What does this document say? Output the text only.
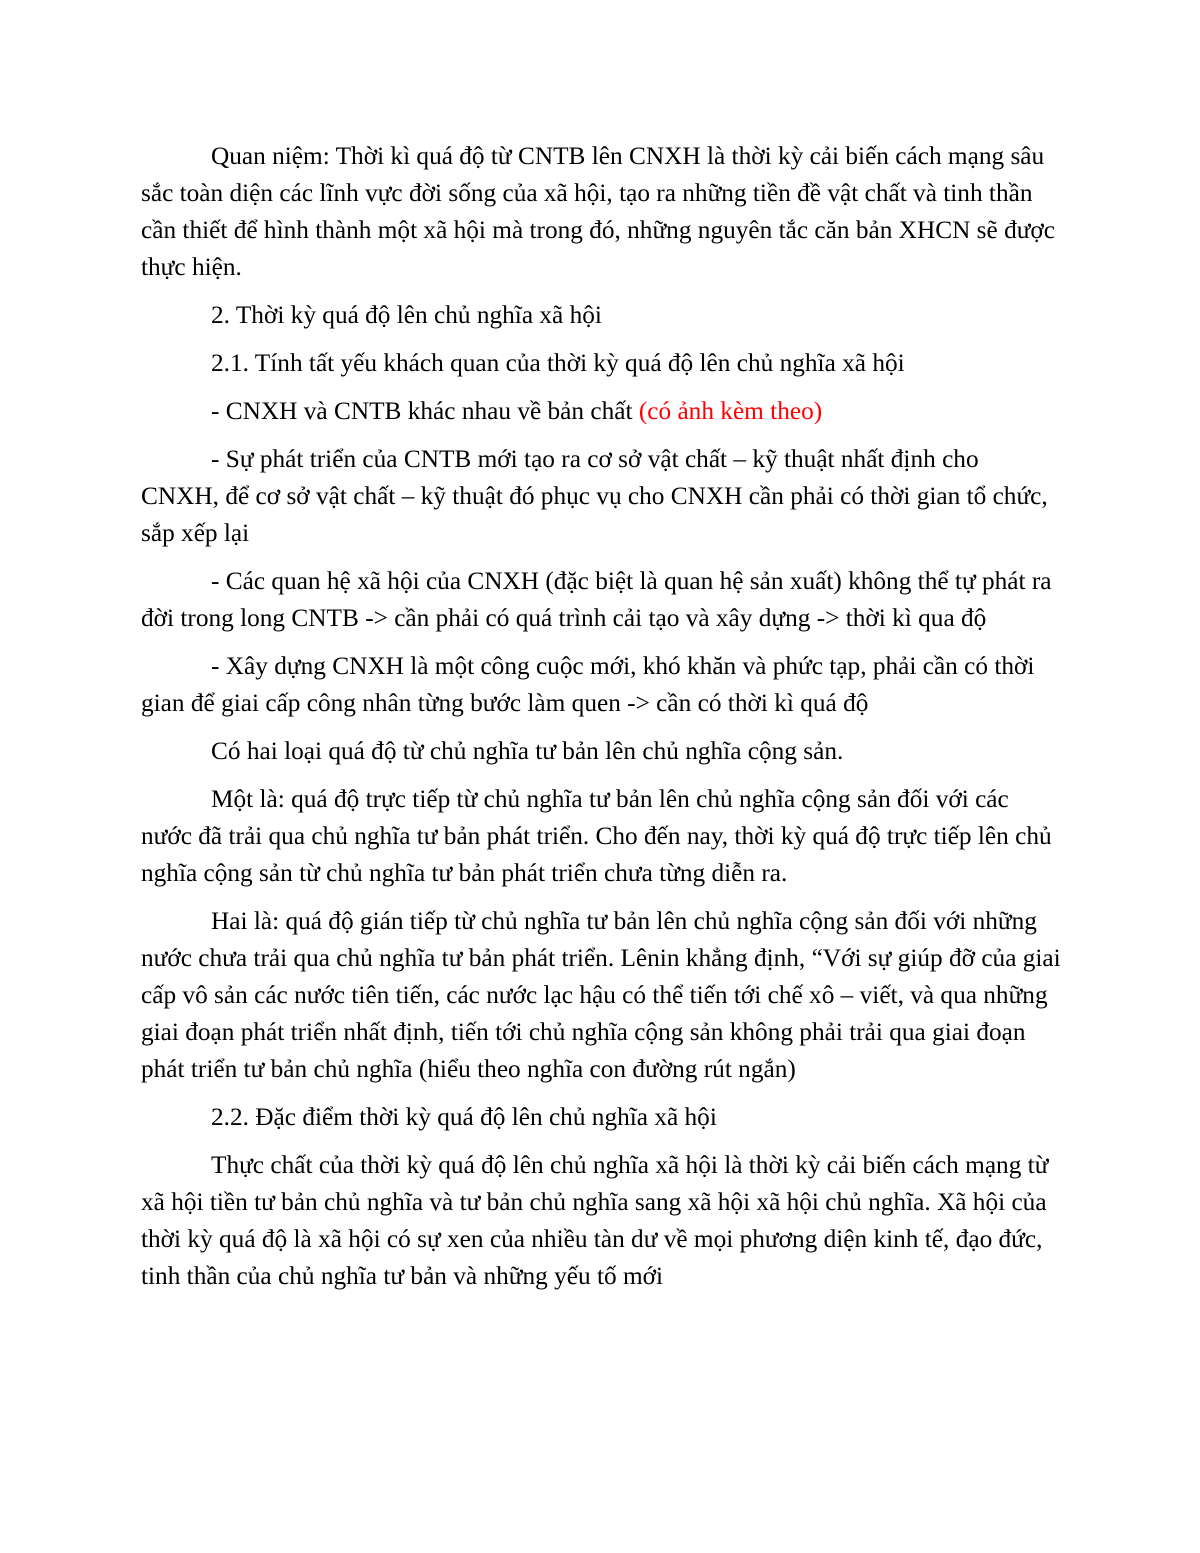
Quan niệm: Thời kì quá độ từ CNTB lên CNXH là thời kỳ cải biến cách mạng sâu sắc toàn diện các lĩnh vực đời sống của xã hội, tạo ra những tiền đề vật chất và tinh thần cần thiết để hình thành một xã hội mà trong đó, những nguyên tắc căn bản XHCN sẽ được thực hiện.

2. Thời kỳ quá độ lên chủ nghĩa xã hội

2.1. Tính tất yếu khách quan của thời kỳ quá độ lên chủ nghĩa xã hội

- CNXH và CNTB khác nhau về bản chất (có ảnh kèm theo)

- Sự phát triển của CNTB mới tạo ra cơ sở vật chất – kỹ thuật nhất định cho CNXH, để cơ sở vật chất – kỹ thuật đó phục vụ cho CNXH cần phải có thời gian tổ chức, sắp xếp lại

- Các quan hệ xã hội của CNXH (đặc biệt là quan hệ sản xuất) không thể tự phát ra đời trong long CNTB -> cần phải có quá trình cải tạo và xây dựng -> thời kì qua độ

- Xây dựng CNXH là một công cuộc mới, khó khăn và phức tạp, phải cần có thời gian để giai cấp công nhân từng bước làm quen -> cần có thời kì quá độ

Có hai loại quá độ từ chủ nghĩa tư bản lên chủ nghĩa cộng sản.

Một là: quá độ trực tiếp từ chủ nghĩa tư bản lên chủ nghĩa cộng sản đối với các nước đã trải qua chủ nghĩa tư bản phát triển. Cho đến nay, thời kỳ quá độ trực tiếp lên chủ nghĩa cộng sản từ chủ nghĩa tư bản phát triển chưa từng diễn ra.

Hai là: quá độ gián tiếp từ chủ nghĩa tư bản lên chủ nghĩa cộng sản đối với những nước chưa trải qua chủ nghĩa tư bản phát triển. Lênin khẳng định, “Với sự giúp đỡ của giai cấp vô sản các nước tiên tiến, các nước lạc hậu có thể tiến tới chế xô – viết, và qua những giai đoạn phát triển nhất định, tiến tới chủ nghĩa cộng sản không phải trải qua giai đoạn phát triển tư bản chủ nghĩa (hiểu theo nghĩa con đường rút ngắn)

2.2. Đặc điểm thời kỳ quá độ lên chủ nghĩa xã hội

Thực chất của thời kỳ quá độ lên chủ nghĩa xã hội là thời kỳ cải biến cách mạng từ xã hội tiền tư bản chủ nghĩa và tư bản chủ nghĩa sang xã hội xã hội chủ nghĩa. Xã hội của thời kỳ quá độ là xã hội có sự xen của nhiều tàn dư về mọi phương diện kinh tế, đạo đức, tinh thần của chủ nghĩa tư bản và những yếu tố mới
